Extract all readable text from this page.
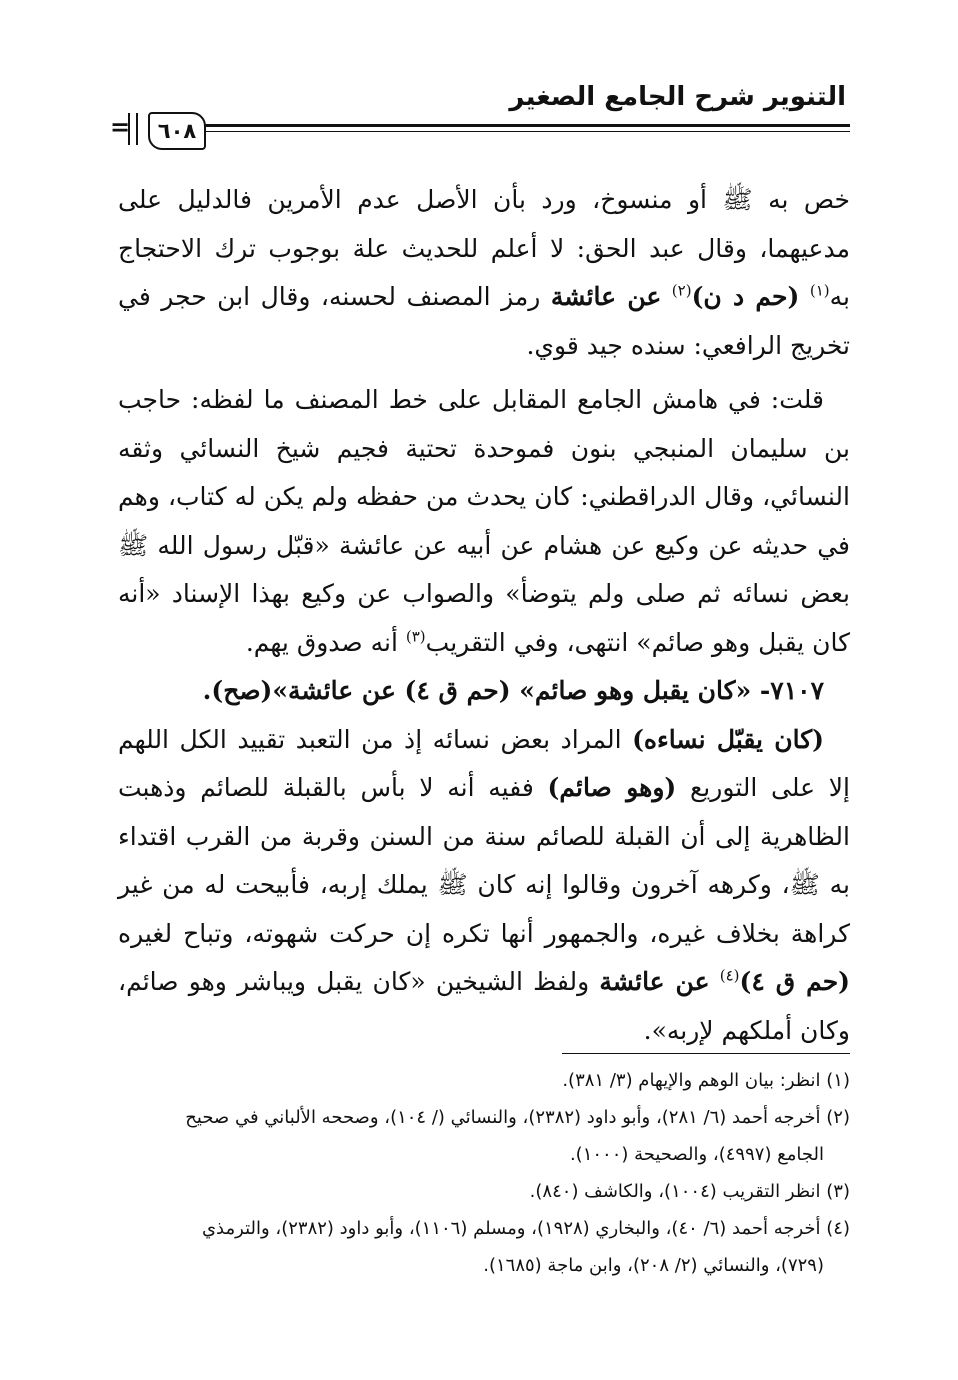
التنوير شرح الجامع الصغير
٦٠٨
=

خص به ﷺ أو منسوخ، ورد بأن الأصل عدم الأمرين فالدليل على مدعيهما، وقال عبد الحق: لا أعلم للحديث علة بوجوب ترك الاحتجاج به$^{(١)}$ (حم د ن)$^{(٢)}$ عن عائشة رمز المصنف لحسنه، وقال ابن حجر في تخريج الرافعي: سنده جيد قوي.

قلت: في هامش الجامع المقابل على خط المصنف ما لفظه: حاجب بن سليمان المنبجي بنون فموحدة تحتية فجيم شيخ النسائي وثقه النسائي، وقال الدراقطني: كان يحدث من حفظه ولم يكن له كتاب، وهم في حديثه عن وكيع عن هشام عن أبيه عن عائشة «قبّل رسول الله ﷺ بعض نسائه ثم صلى ولم يتوضأ» والصواب عن وكيع بهذا الإسناد «أنه كان يقبل وهو صائم» انتهى، وفي التقريب$^{(٣)}$ أنه صدوق يهم.

٧١٠٧- «كان يقبل وهو صائم» (حم ق ٤) عن عائشة»(صح).

(كان يقبّل نساءه) المراد بعض نسائه إذ من التعبد تقييد الكل اللهم إلا على التوريع (وهو صائم) ففيه أنه لا بأس بالقبلة للصائم وذهبت الظاهرية إلى أن القبلة للصائم سنة من السنن وقربة من القرب اقتداء به ﷺ، وكرهه آخرون وقالوا إنه كان ﷺ يملك إربه، فأبيحت له من غير كراهة بخلاف غيره، والجمهور أنها تكره إن حركت شهوته، وتباح لغيره (حم ق ٤)$^{(٤)}$ عن عائشة ولفظ الشيخين «كان يقبل ويباشر وهو صائم، وكان أملكهم لإربه».

(١) انظر: بيان الوهم والإيهام (٣/ ٣٨١).

(٢) أخرجه أحمد (٦/ ٢٨١)، وأبو داود (٢٣٨٢)، والنسائي (/ ١٠٤)، وصححه الألباني في صحيح

الجامع (٤٩٩٧)، والصحيحة (١٠٠٠).

(٣) انظر التقريب (١٠٠٤)، والكاشف (٨٤٠).

(٤) أخرجه أحمد (٦/ ٤٠)، والبخاري (١٩٢٨)، ومسلم (١١٠٦)، وأبو داود (٢٣٨٢)، والترمذي

(٧٢٩)، والنسائي (٢/ ٢٠٨)، وابن ماجة (١٦٨٥).
